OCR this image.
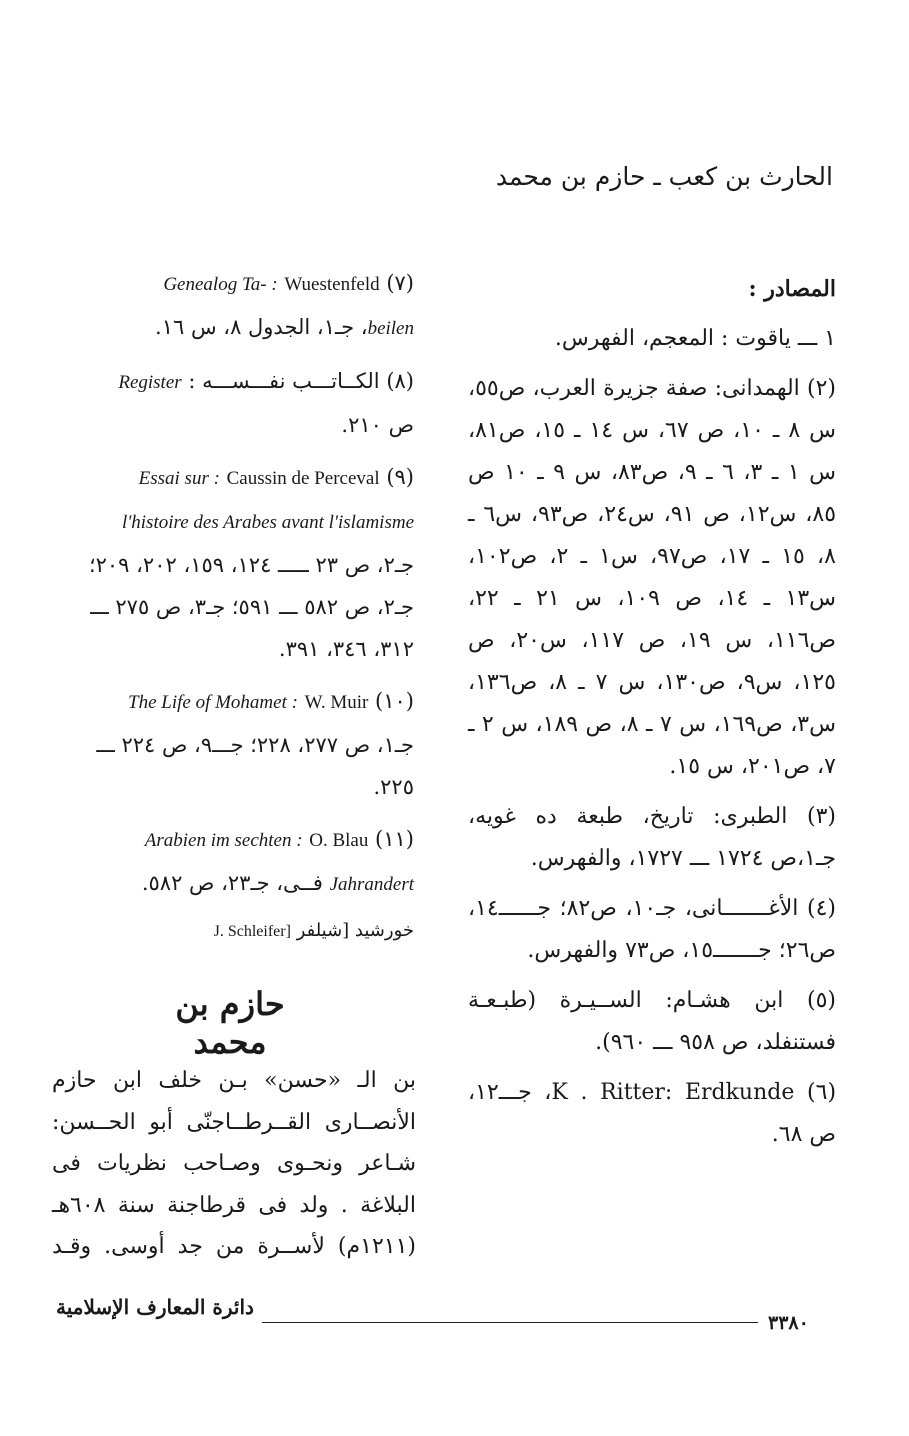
الحارث بن كعب ـ حازم بن محمد
المصادر :

١ ـــ ياقوت : المعجم، الفهرس.

(٢) الهمدانى: صفة جزيرة العرب، ص٥٥، س ٨ ـ ١٠، ص ٦٧، س ١٤ ـ ١٥، ص٨١، س ١ ـ ٣، ٦ ـ ٩، ص٨٣، س ٩ ـ ١٠ ص ٨٥، س١٢، ص ٩١، س٢٤، ص٩٣، س٦ ـ ٨، ١٥ ـ ١٧، ص٩٧، س١ ـ ٢، ص١٠٢، س١٣ ـ ١٤، ص ١٠٩، س ٢١ ـ ٢٢، ص١١٦، س ١٩، ص ١١٧، س٢٠، ص ١٢٥، س٩، ص١٣٠، س ٧ ـ ٨، ص١٣٦، س٣، ص١٦٩، س ٧ ـ ٨، ص ١٨٩، س ٢ ـ ٧، ص٢٠١، س ١٥.

(٣) الطبرى: تاريخ، طبعة ده غويه، جـ١،ص ١٧٢٤ ـــ ١٧٢٧، والفهرس.

(٤) الأغـــــــانى، جـ١٠، ص٨٢؛ جــــــ١٤، ص٢٦؛ جـــــــ١٥، ص٧٣ والفهرس.

(٥) ابن هشـام: الســيـرة (طبـعـة فستنفلد، ص ٩٥٨ ـــ ٩٦٠).

(٦) K . Ritter: Erdkunde، جـــ١٢، ص ٦٨.

(٧) Wuestenfeld Genealog Ta- :
beilen، جـ١، الجدول ٨، س ١٦.

(٨) الكــاتـــب نفـــســـه : Register
ص ٢١٠.

(٩) Caussin de Perceval Essai sur :
l'histoire des Arabes avant l'islamisme
جـ٢، ص ٢٣ ـــــ ١٢٤، ١٥٩، ٢٠٢، ٢٠٩؛ جـ٢، ص ٥٨٢ ـــ ٥٩١؛ جـ٣، ص ٢٧٥ ـــ ٣١٢، ٣٤٦، ٣٩١.

(١٠) W. Muir The Life of Mohamet :
جـ١، ص ٢٧٧، ٢٢٨؛ جـــ٩، ص ٢٢٤ ـــ ٢٢٥.

(١١) O. Blau Arabien im sechten :
Jahrandert فــى، جـ٢٣، ص ٥٨٢.

خورشيد [شيلفر J. Schleifer]

حازم بن محمد
بن الـ «حسن» بـن خلف ابن حازم الأنصــارى القــرطــاجنّى أبو الحــسن: شـاعر ونحـوى وصـاحب نظريات فى البلاغة . ولد فى قرطاجنة سنة ٦٠٨هـ (١٢١١م) لأســرة من جد أوسى. وقـد
دائرة المعارف الإسلامية
٣٣٨٠
